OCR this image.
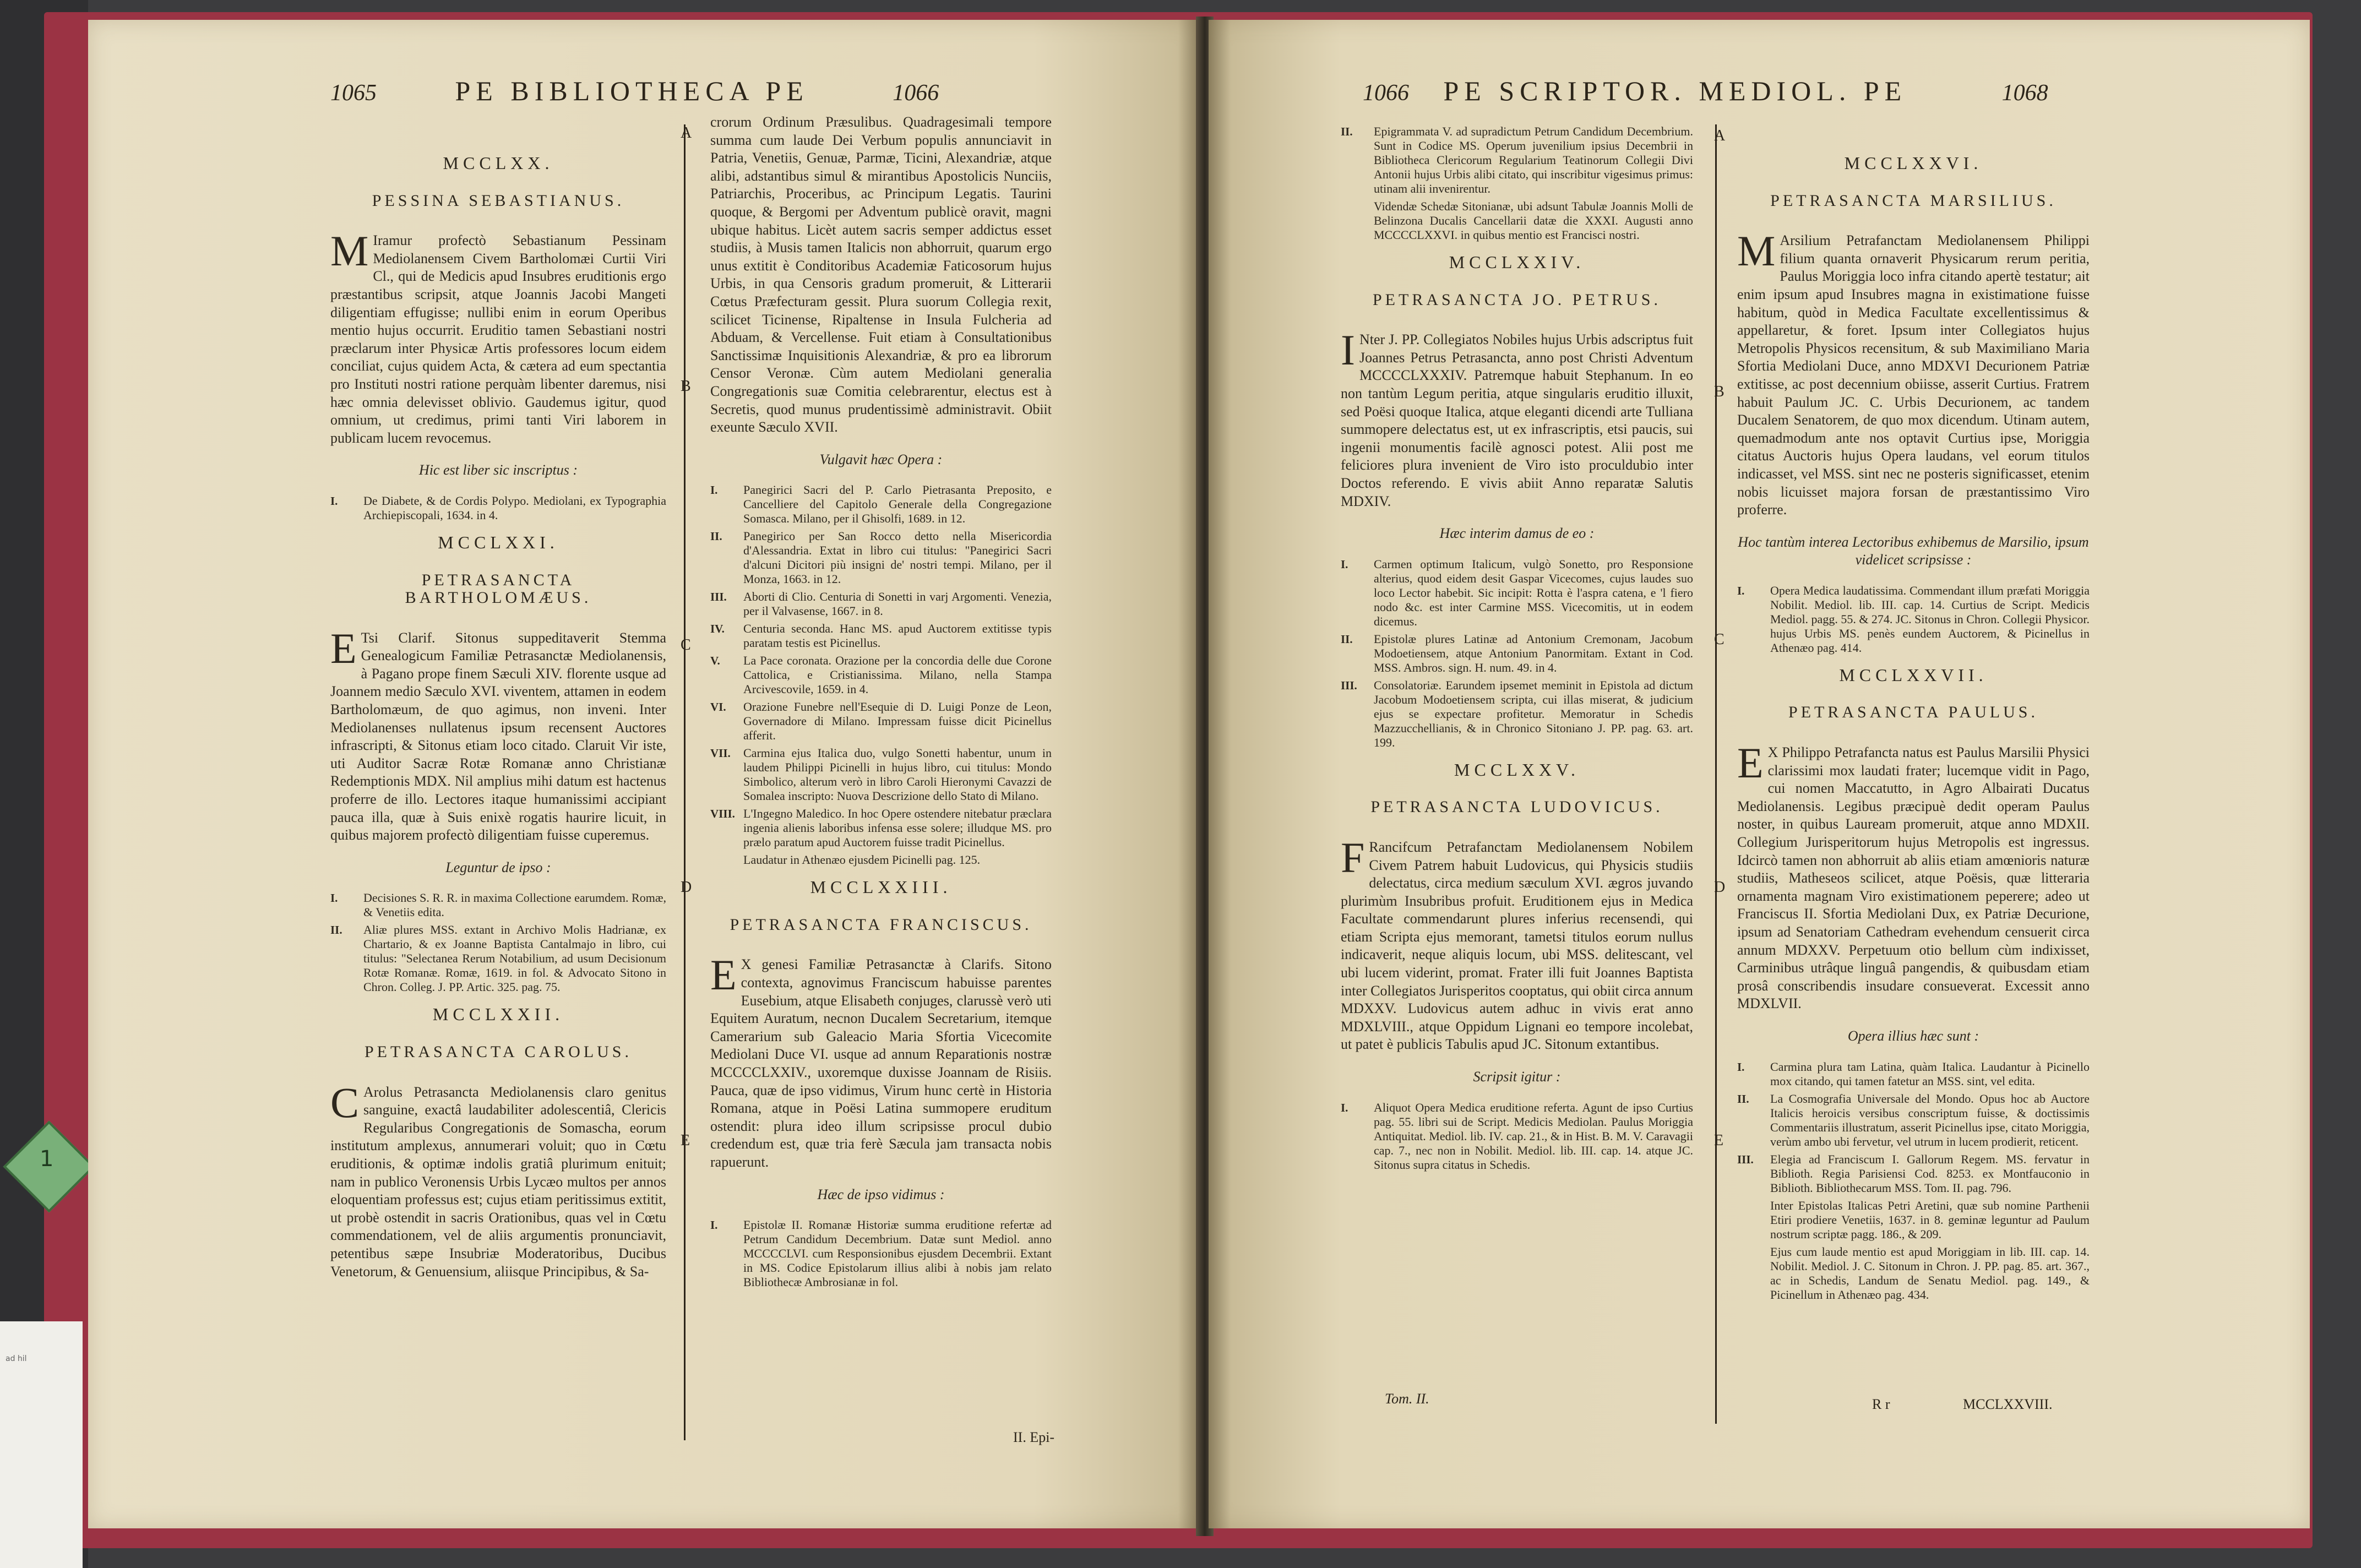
1
ad hil
1065	PE BIBLIOTHECA PE	1066
A
B
C
D
E
MCCLXX.
PESSINA SEBASTIANUS.

M Iramur profectò Sebastianum Pessinam Mediolanensem Civem Bartholomæi Curtii Viri Cl., qui de Medicis apud Insubres eruditionis ergo præstantibus scripsit, atque Joannis Jacobi Mangeti diligentiam effugisse; nullibi enim in eorum Operibus mentio hujus occurrit. Eruditio tamen Sebastiani nostri præclarum inter Physicæ Artis professores locum eidem conciliat, cujus quidem Acta, & cætera ad eum spectantia pro Instituti nostri ratione perquàm libenter daremus, nisi hæc omnia delevisset oblivio. Gaudemus igitur, quod omnium, ut credimus, primi tanti Viri laborem in publicam lucem revocemus.

Hic est liber sic inscriptus :
I.	De Diabete, & de Cordis Polypo. Mediolani, ex Typographia Archiepiscopali, 1634. in 4.
MCCLXXI.
PETRASANCTA BARTHOLOMÆUS.

E Tsi Clarif. Sitonus suppeditaverit Stemma Genealogicum Familiæ Petrasanctæ Mediolanensis, à Pagano prope finem Sæculi XIV. florente usque ad Joannem medio Sæculo XVI. viventem, attamen in eodem Bartholomæum, de quo agimus, non inveni. Inter Mediolanenses nullatenus ipsum recensent Auctores infrascripti, & Sitonus etiam loco citado. Claruit Vir iste, uti Auditor Sacræ Rotæ Romanæ anno Christianæ Redemptionis MDX. Nil amplius mihi datum est hactenus proferre de illo. Lectores itaque humanissimi accipiant pauca illa, quæ à Suis enixè rogatis haurire licuit, in quibus majorem profectò diligentiam fuisse cuperemus.

Leguntur de ipso :
I.	Decisiones S. R. R. in maxima Collectione earumdem. Romæ, & Venetiis edita.
II.	Aliæ plures MSS. extant in Archivo Molis Hadrianæ, ex Chartario, & ex Joanne Baptista Cantalmajo in libro, cui titulus: "Selectanea Rerum Notabilium, ad usum Decisionum Rotæ Romanæ. Romæ, 1619. in fol. & Advocato Sitono in Chron. Colleg. J. PP. Artic. 325. pag. 75.
MCCLXXII.
PETRASANCTA CAROLUS.

C Arolus Petrasancta Mediolanensis claro genitus sanguine, exactâ laudabiliter adolescentiâ, Clericis Regularibus Congregationis de Somascha, eorum institutum amplexus, annumerari voluit; quo in Cœtu eruditionis, & optimæ indolis gratiâ plurimum enituit; nam in publico Veronensis Urbis Lycæo multos per annos eloquentiam professus est; cujus etiam peritissimus extitit, ut probè ostendit in sacris Orationibus, quas vel in Cœtu commendationem, vel de aliis argumentis pronunciavit, petentibus sæpe Insubriæ Moderatoribus, Ducibus Venetorum, & Genuensium, aliisque Principibus, & Sa-

crorum Ordinum Præsulibus. Quadragesimali tempore summa cum laude Dei Verbum populis annunciavit in Patria, Venetiis, Genuæ, Parmæ, Ticini, Alexandriæ, atque alibi, adstantibus simul & mirantibus Apostolicis Nunciis, Patriarchis, Proceribus, ac Principum Legatis. Taurini quoque, & Bergomi per Adventum publicè oravit, magni ubique habitus. Licèt autem sacris semper addictus esset studiis, à Musis tamen Italicis non abhorruit, quarum ergo unus extitit è Conditoribus Academiæ Faticosorum hujus Urbis, in qua Censoris gradum promeruit, & Litterarii Cœtus Præfecturam gessit. Plura suorum Collegia rexit, scilicet Ticinense, Ripaltense in Insula Fulcheria ad Abduam, & Vercellense. Fuit etiam à Consultationibus Sanctissimæ Inquisitionis Alexandriæ, & pro ea librorum Censor Veronæ. Cùm autem Mediolani generalia Congregationis suæ Comitia celebrarentur, electus est à Secretis, quod munus prudentissimè administravit. Obiit exeunte Sæculo XVII.

Vulgavit hæc Opera :
I.	Panegirici Sacri del P. Carlo Pietrasanta Preposito, e Cancelliere del Capitolo Generale della Congregazione Somasca. Milano, per il Ghisolfi, 1689. in 12.
II.	Panegirico per San Rocco detto nella Misericordia d'Alessandria. Extat in libro cui titulus: "Panegirici Sacri d'alcuni Dicitori più insigni de' nostri tempi. Milano, per il Monza, 1663. in 12.
III.	Aborti di Clio. Centuria di Sonetti in varj Argomenti. Venezia, per il Valvasense, 1667. in 8.
IV.	Centuria seconda. Hanc MS. apud Auctorem extitisse typis paratam testis est Picinellus.
V.	La Pace coronata. Orazione per la concordia delle due Corone Cattolica, e Cristianissima. Milano, nella Stampa Arcivescovile, 1659. in 4.
VI.	Orazione Funebre nell'Esequie di D. Luigi Ponze de Leon, Governadore di Milano. Impressam fuisse dicit Picinellus afferit.
VII.	Carmina ejus Italica duo, vulgo Sonetti habentur, unum in laudem Philippi Picinelli in hujus libro, cui titulus: Mondo Simbolico, alterum verò in libro Caroli Hieronymi Cavazzi de Somalea inscripto: Nuova Descrizione dello Stato di Milano.
VIII. L'Ingegno Maledico. In hoc Opere ostendere nitebatur præclara ingenia alienis laboribus infensa esse solere; illudque MS. pro prælo paratum apud Auctorem fuisse tradit Picinellus.
Laudatur in Athenæo ejusdem Picinelli pag. 125.
MCCLXXIII.
PETRASANCTA FRANCISCUS.

E X genesi Familiæ Petrasanctæ à Clarifs. Sitono contexta, agnovimus Franciscum habuisse parentes Eusebium, atque Elisabeth conjuges, clarussè verò uti Equitem Auratum, necnon Ducalem Secretarium, itemque Camerarium sub Galeacio Maria Sfortia Vicecomite Mediolani Duce VI. usque ad annum Reparationis nostræ MCCCCLXXIV., uxoremque duxisse Joannam de Risiis. Pauca, quæ de ipso vidimus, Virum hunc certè in Historia Romana, atque in Poësi Latina summopere eruditum ostendit: plura ideo illum scripsisse procul dubio credendum est, quæ tria ferè Sæcula jam transacta nobis rapuerunt.

Hæc de ipso vidimus :
I.	Epistolæ II. Romanæ Historiæ summa eruditione refertæ ad Petrum Candidum Decembrium. Datæ sunt Mediol. anno MCCCCLVI. cum Responsionibus ejusdem Decembrii. Extant in MS. Codice Epistolarum illius alibi à nobis jam relato Bibliothecæ Ambrosianæ in fol.
II. Epi-
1066 PE SCRIPTOR. MEDIOL. PE	1068
A
B
C
D
E
II.	Epigrammata V. ad supradictum Petrum Candidum Decembrium. Sunt in Codice MS. Operum juvenilium ipsius Decembrii in Bibliotheca Clericorum Regularium Teatinorum Collegii Divi Antonii hujus Urbis alibi citato, qui inscribitur vigesimus primus: utinam alii invenirentur.
Videndæ Schedæ Sitonianæ, ubi adsunt Tabulæ Joannis Molli de Belinzona Ducalis Cancellarii datæ die XXXI. Augusti anno MCCCCLXXVI. in quibus mentio est Francisci nostri.
MCCLXXIV.
PETRASANCTA JO. PETRUS.

I Nter J. PP. Collegiatos Nobiles hujus Urbis adscriptus fuit Joannes Petrus Petrasancta, anno post Christi Adventum MCCCCLXXXIV. Patremque habuit Stephanum. In eo non tantùm Legum peritia, atque singularis eruditio illuxit, sed Poësi quoque Italica, atque eleganti dicendi arte Tulliana summopere delectatus est, ut ex infrascriptis, etsi paucis, sui ingenii monumentis facilè agnosci potest. Alii post me feliciores plura invenient de Viro isto proculdubio inter Doctos referendo. E vivis abiit Anno reparatæ Salutis MDXIV.

Hæc interim damus de eo :
I.	Carmen optimum Italicum, vulgò Sonetto, pro Responsione alterius, quod eidem desit Gaspar Vicecomes, cujus laudes suo loco Lector habebit. Sic incipit: Rotta è l'aspra catena, e 'l fiero nodo &c. est inter Carmine MSS. Vicecomitis, ut in eodem dicemus.
II.	Epistolæ plures Latinæ ad Antonium Cremonam, Jacobum Modoetiensem, atque Antonium Panormitam. Extant in Cod. MSS. Ambros. sign. H. num. 49. in 4.
III.	Consolatoriæ. Earundem ipsemet meminit in Epistola ad dictum Jacobum Modoetiensem scripta, cui illas miserat, & judicium ejus se expectare profitetur. Memoratur in Schedis Mazzucchellianis, & in Chronico Sitoniano J. PP. pag. 63. art. 199.
MCCLXXV.
PETRASANCTA LUDOVICUS.

F Rancifcum Petrafanctam Mediolanensem Nobilem Civem Patrem habuit Ludovicus, qui Physicis studiis delectatus, circa medium sæculum XVI. ægros juvando plurimùm Insubribus profuit. Eruditionem ejus in Medica Facultate commendarunt plures inferius recensendi, qui etiam Scripta ejus memorant, tametsi titulos eorum nullus indicaverit, neque aliquis locum, ubi MSS. delitescant, vel ubi lucem viderint, promat. Frater illi fuit Joannes Baptista inter Collegiatos Jurisperitos cooptatus, qui obiit circa annum MDXXV. Ludovicus autem adhuc in vivis erat anno MDXLVIII., atque Oppidum Lignani eo tempore incolebat, ut patet è publicis Tabulis apud JC. Sitonum extantibus.

Scripsit igitur :
I.	Aliquot Opera Medica eruditione referta. Agunt de ipso Curtius pag. 55. libri sui de Script. Medicis Mediolan. Paulus Moriggia Antiquitat. Mediol. lib. IV. cap. 21., & in Hist. B. M. V. Caravagii cap. 7., nec non in Nobilit. Mediol. lib. III. cap. 14. atque JC. Sitonus supra citatus in Schedis.
Tom. II.
MCCLXXVI.
PETRASANCTA MARSILIUS.

M Arsilium Petrafanctam Mediolanensem Philippi filium quanta ornaverit Physicarum rerum peritia, Paulus Moriggia loco infra citando apertè testatur; ait enim ipsum apud Insubres magna in existimatione fuisse habitum, quòd in Medica Facultate excellentissimus & appellaretur, & foret. Ipsum inter Collegiatos hujus Metropolis Physicos recensitum, & sub Maximiliano Maria Sfortia Mediolani Duce, anno MDXVI Decurionem Patriæ extitisse, ac post decennium obiisse, asserit Curtius. Fratrem habuit Paulum JC. C. Urbis Decurionem, ac tandem Ducalem Senatorem, de quo mox dicendum. Utinam autem, quemadmodum ante nos optavit Curtius ipse, Moriggia citatus Auctoris hujus Opera laudans, vel eorum titulos indicasset, vel MSS. sint nec ne posteris significasset, etenim nobis licuisset majora forsan de præstantissimo Viro proferre.

Hoc tantùm interea Lectoribus exhibemus de Marsilio, ipsum videlicet scripsisse :
I.	Opera Medica laudatissima. Commendant illum præfati Moriggia Nobilit. Mediol. lib. III. cap. 14. Curtius de Script. Medicis Mediol. pagg. 55. & 274. JC. Sitonus in Chron. Collegii Physicor. hujus Urbis MS. penès eundem Auctorem, & Picinellus in Athenæo pag. 414.
MCCLXXVII.
PETRASANCTA PAULUS.

E X Philippo Petrafancta natus est Paulus Marsilii Physici clarissimi mox laudati frater; lucemque vidit in Pago, cui nomen Maccatutto, in Agro Albairati Ducatus Mediolanensis. Legibus præcipuè dedit operam Paulus noster, in quibus Lauream promeruit, atque anno MDXII. Collegium Jurisperitorum hujus Metropolis est ingressus. Idcircò tamen non abhorruit ab aliis etiam amœnioris naturæ studiis, Matheseos scilicet, atque Poësis, quæ litteraria ornamenta magnam Viro existimationem peperere; adeo ut Franciscus II. Sfortia Mediolani Dux, ex Patriæ Decurione, ipsum ad Senatoriam Cathedram evehendum censuerit circa annum MDXXV. Perpetuum otio bellum cùm indixisset, Carminibus utrâque linguâ pangendis, & quibusdam etiam prosâ conscribendis insudare consueverat. Excessit anno MDXLVII.

Opera illius hæc sunt :
I.	Carmina plura tam Latina, quàm Italica. Laudantur à Picinello mox citando, qui tamen fatetur an MSS. sint, vel edita.
II.	La Cosmografia Universale del Mondo. Opus hoc ab Auctore Italicis heroicis versibus conscriptum fuisse, & doctissimis Commentariis illustratum, asserit Picinellus ipse, citato Moriggia, verùm ambo ubi fervetur, vel utrum in lucem prodierit, reticent.
III.	Elegia ad Franciscum I. Gallorum Regem. MS. fervatur in Biblioth. Regia Parisiensi Cod. 8253. ex Montfauconio in Biblioth. Bibliothecarum MSS. Tom. II. pag. 796.
Inter Epistolas Italicas Petri Aretini, quæ sub nomine Parthenii Etiri prodiere Venetiis, 1637. in 8. geminæ leguntur ad Paulum nostrum scriptæ pagg. 186., & 209.
Ejus cum laude mentio est apud Moriggiam in lib. III. cap. 14. Nobilit. Mediol. J. C. Sitonum in Chron. J. PP. pag. 85. art. 367., ac in Schedis, Landum de Senatu Mediol. pag. 149., & Picinellum in Athenæo pag. 434.
R r	MCCLXXVIII.
